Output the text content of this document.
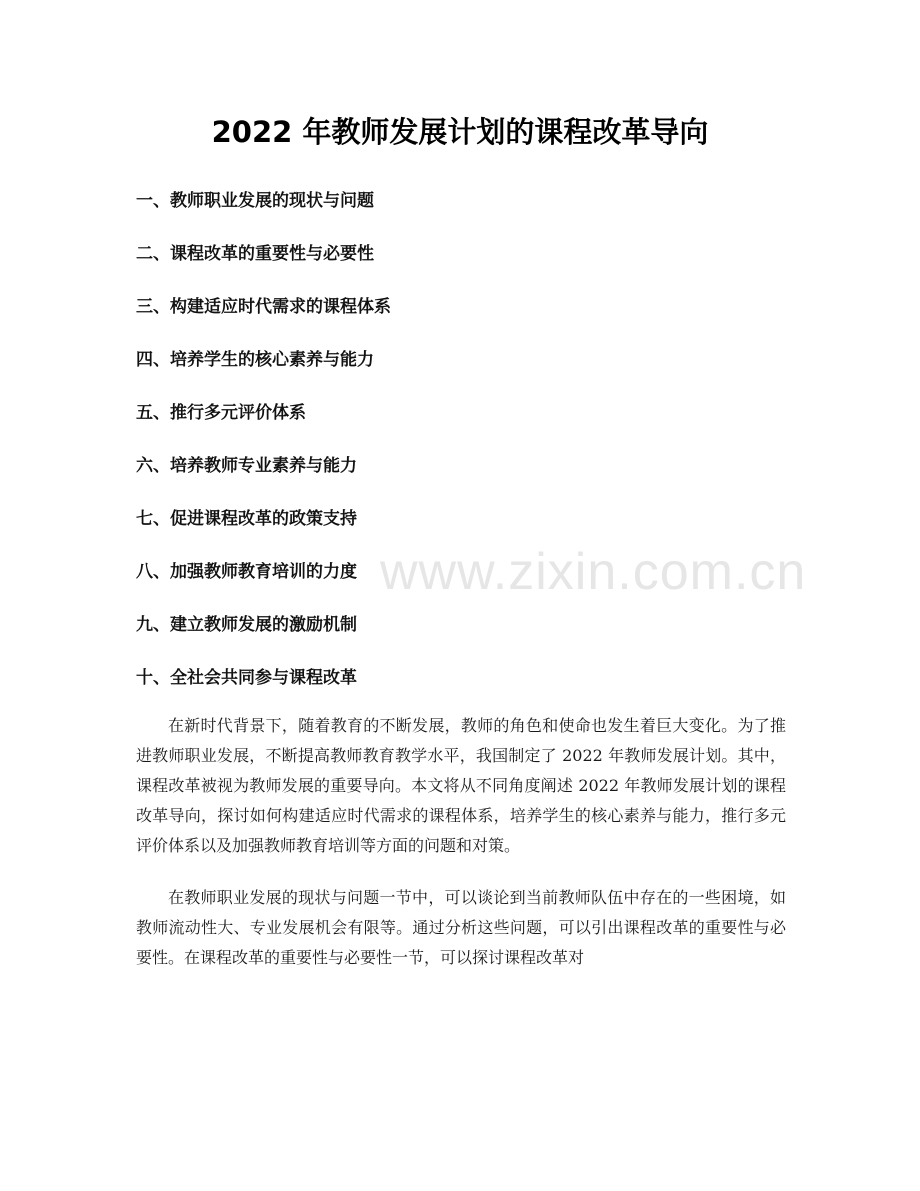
www.zixin.com.cn
2022 年教师发展计划的课程改革导向
一、教师职业发展的现状与问题
二、课程改革的重要性与必要性
三、构建适应时代需求的课程体系
四、培养学生的核心素养与能力
五、推行多元评价体系
六、培养教师专业素养与能力
七、促进课程改革的政策支持
八、加强教师教育培训的力度
九、建立教师发展的激励机制
十、全社会共同参与课程改革

在新时代背景下，随着教育的不断发展，教师的角色和使命也发生着巨大变化。为了推进教师职业发展，不断提高教师教育教学水平，我国制定了 2022 年教师发展计划。其中，课程改革被视为教师发展的重要导向。本文将从不同角度阐述 2022 年教师发展计划的课程改革导向，探讨如何构建适应时代需求的课程体系，培养学生的核心素养与能力，推行多元评价体系以及加强教师教育培训等方面的问题和对策。

在教师职业发展的现状与问题一节中，可以谈论到当前教师队伍中存在的一些困境，如教师流动性大、专业发展机会有限等。通过分析这些问题，可以引出课程改革的重要性与必要性。在课程改革的重要性与必要性一节，可以探讨课程改革对
